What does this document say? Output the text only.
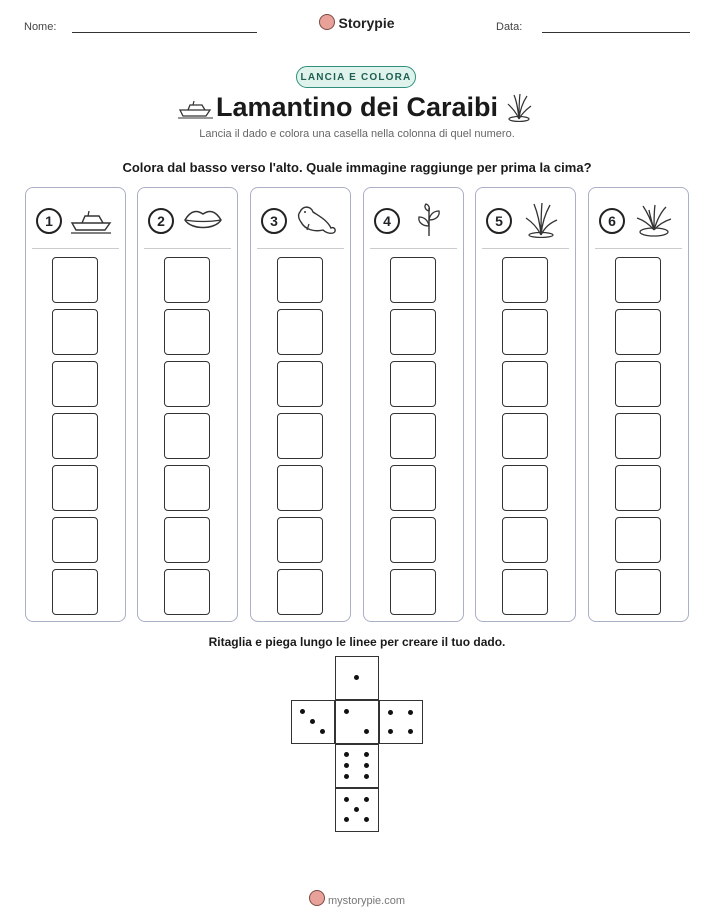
Nome:	Storypie	Data:
LANCIA E COLORA
Lamantino dei Caraibi
Lancia il dado e colora una casella nella colonna di quel numero.
Colora dal basso verso l'alto. Quale immagine raggiunge per prima la cima?
1	2	3	4	5	6
Ritaglia e piega lungo le linee per creare il tuo dado.
mystorypie.com
